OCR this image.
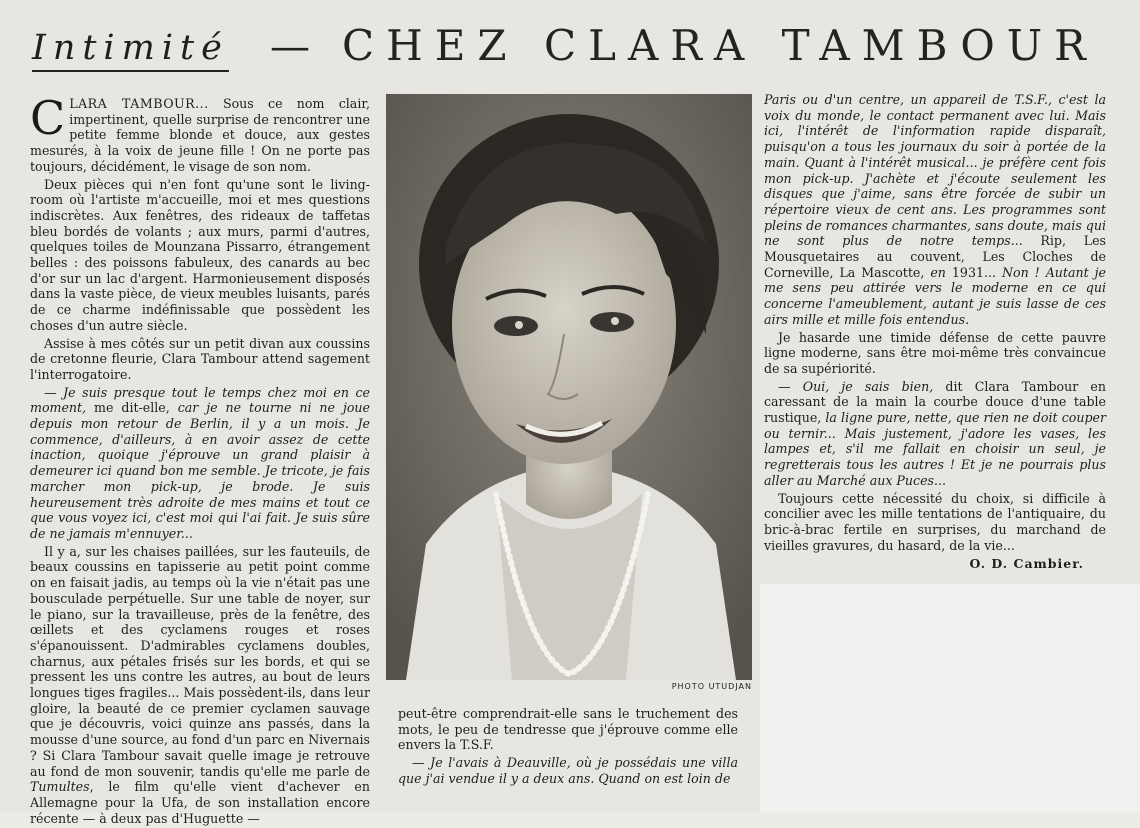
Intimité — CHEZ CLARA TAMBOUR

CLARA TAMBOUR... Sous ce nom clair, impertinent, quelle surprise de rencontrer une petite femme blonde et douce, aux gestes mesurés, à la voix de jeune fille ! On ne porte pas toujours, décidément, le visage de son nom.

Deux pièces qui n'en font qu'une sont le living-room où l'artiste m'accueille, moi et mes questions indiscrètes. Aux fenêtres, des rideaux de taffetas bleu bordés de volants ; aux murs, parmi d'autres, quelques toiles de Mounzana Pissarro, étrangement belles : des poissons fabuleux, des canards au bec d'or sur un lac d'argent. Harmonieusement disposés dans la vaste pièce, de vieux meubles luisants, parés de ce charme indéfinissable que possèdent les choses d'un autre siècle.

Assise à mes côtés sur un petit divan aux coussins de cretonne fleurie, Clara Tambour attend sagement l'interrogatoire.

— Je suis presque tout le temps chez moi en ce moment, me dit-elle, car je ne tourne ni ne joue depuis mon retour de Berlin, il y a un mois. Je commence, d'ailleurs, à en avoir assez de cette inaction, quoique j'éprouve un grand plaisir à demeurer ici quand bon me semble. Je tricote, je fais marcher mon pick-up, je brode. Je suis heureusement très adroite de mes mains et tout ce que vous voyez ici, c'est moi qui l'ai fait. Je suis sûre de ne jamais m'ennuyer...

Il y a, sur les chaises paillées, sur les fauteuils, de beaux coussins en tapisserie au petit point comme on en faisait jadis, au temps où la vie n'était pas une bousculade perpétuelle. Sur une table de noyer, sur le piano, sur la travailleuse, près de la fenêtre, des œillets et des cyclamens rouges et roses s'épanouissent. D'admirables cyclamens doubles, charnus, aux pétales frisés sur les bords, et qui se pressent les uns contre les autres, au bout de leurs longues tiges fragiles... Mais possèdent-ils, dans leur gloire, la beauté de ce premier cyclamen sauvage que je découvris, voici quinze ans passés, dans la mousse d'une source, au fond d'un parc en Nivernais ? Si Clara Tambour savait quelle image je retrouve au fond de mon souvenir, tandis qu'elle me parle de Tumultes, le film qu'elle vient d'achever en Allemagne pour la Ufa, de son installation encore récente — à deux pas d'Huguette —

PHOTO UTUDJAN

peut-être comprendrait-elle sans le truchement des mots, le peu de tendresse que j'éprouve comme elle envers la T.S.F.

— Je l'avais à Deauville, où je possédais une villa que j'ai vendue il y a deux ans. Quand on est loin de

Paris ou d'un centre, un appareil de T.S.F., c'est la voix du monde, le contact permanent avec lui. Mais ici, l'intérêt de l'information rapide disparaît, puisqu'on a tous les journaux du soir à portée de la main. Quant à l'intérêt musical... je préfère cent fois mon pick-up. J'achète et j'écoute seulement les disques que j'aime, sans être forcée de subir un répertoire vieux de cent ans. Les programmes sont pleins de romances charmantes, sans doute, mais qui ne sont plus de notre temps... Rip, Les Mousquetaires au couvent, Les Cloches de Corneville, La Mascotte, en 1931... Non ! Autant je me sens peu attirée vers le moderne en ce qui concerne l'ameublement, autant je suis lasse de ces airs mille et mille fois entendus.

Je hasarde une timide défense de cette pauvre ligne moderne, sans être moi-même très convaincue de sa supériorité.

— Oui, je sais bien, dit Clara Tambour en caressant de la main la courbe douce d'une table rustique, la ligne pure, nette, que rien ne doit couper ou ternir... Mais justement, j'adore les vases, les lampes et, s'il me fallait en choisir un seul, je regretterais tous les autres ! Et je ne pourrais plus aller au Marché aux Puces...

Toujours cette nécessité du choix, si difficile à concilier avec les mille tentations de l'antiquaire, du bric-à-brac fertile en surprises, du marchand de vieilles gravures, du hasard, de la vie...

O. D. Cambier.
